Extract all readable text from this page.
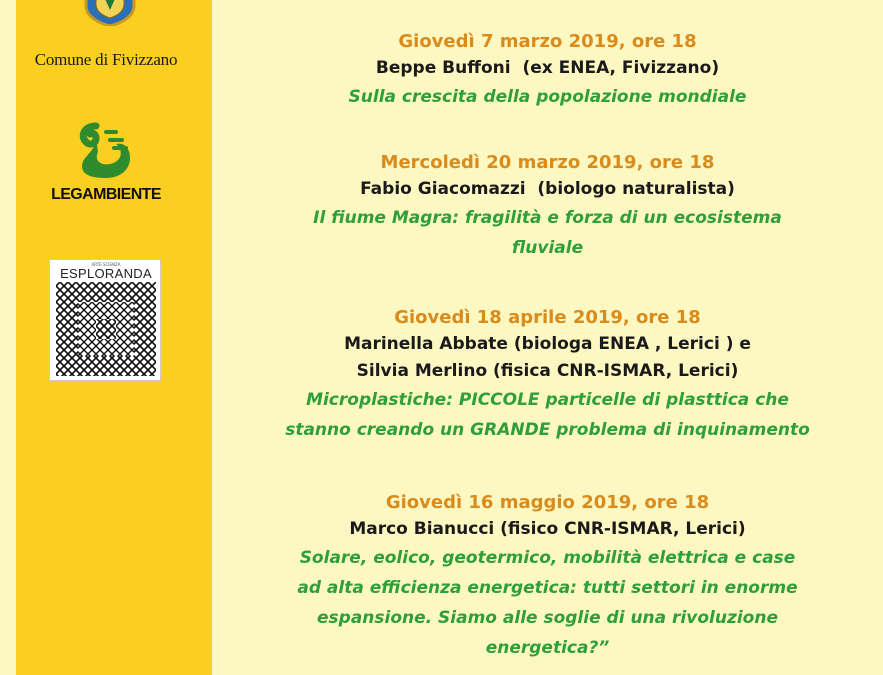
Comune di Fivizzano
LEGAMBIENTE
ARTE SCIENZA
ESPLORANDA
Giovedì 7 marzo 2019, ore 18
Beppe Buffoni  (ex ENEA, Fivizzano)
Sulla crescita della popolazione mondiale
Mercoledì 20 marzo 2019, ore 18
Fabio Giacomazzi  (biologo naturalista)
Il fiume Magra: fragilità e forza di un ecosistema
fluviale
Giovedì 18 aprile 2019, ore 18
Marinella Abbate (biologa ENEA , Lerici ) e
Silvia Merlino (fisica CNR-ISMAR, Lerici)
Microplastiche: PICCOLE particelle di plasttica che
stanno creando un GRANDE problema di inquinamento
Giovedì 16 maggio 2019, ore 18
Marco Bianucci (fisico CNR-ISMAR, Lerici)
Solare, eolico, geotermico, mobilità elettrica e case
ad alta efficienza energetica: tutti settori in enorme
espansione. Siamo alle soglie di una rivoluzione
energetica?”
